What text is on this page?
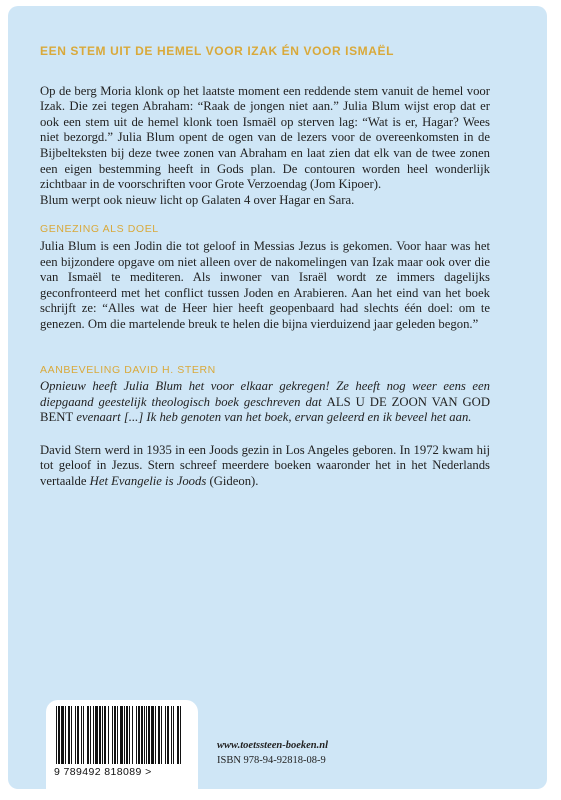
EEN STEM UIT DE HEMEL VOOR IZAK ÉN VOOR ISMAËL

Op de berg Moria klonk op het laatste moment een reddende stem vanuit de hemel voor Izak. Die zei tegen Abraham: “Raak de jongen niet aan.” Julia Blum wijst erop dat er ook een stem uit de hemel klonk toen Ismaël op sterven lag: “Wat is er, Hagar? Wees niet bezorgd.” Julia Blum opent de ogen van de lezers voor de overeenkomsten in de Bijbelteksten bij deze twee zonen van Abraham en laat zien dat elk van de twee zonen een eigen bestemming heeft in Gods plan. De contouren worden heel wonderlijk zichtbaar in de voorschriften voor Grote Verzoendag (Jom Kipoer).

Blum werpt ook nieuw licht op Galaten 4 over Hagar en Sara.

GENEZING ALS DOEL

Julia Blum is een Jodin die tot geloof in Messias Jezus is gekomen. Voor haar was het een bijzondere opgave om niet alleen over de nakomelingen van Izak maar ook over die van Ismaël te mediteren. Als inwoner van Israël wordt ze immers dagelijks geconfronteerd met het conflict tussen Joden en Arabieren. Aan het eind van het boek schrijft ze: “Alles wat de Heer hier heeft geopenbaard had slechts één doel: om te genezen. Om die martelende breuk te helen die bijna vierduizend jaar geleden begon.”

AANBEVELING DAVID H. STERN

Opnieuw heeft Julia Blum het voor elkaar gekregen! Ze heeft nog weer eens een diepgaand geestelijk theologisch boek geschreven dat ALS U DE ZOON VAN GOD BENT evenaart [...] Ik heb genoten van het boek, ervan geleerd en ik beveel het aan.

David Stern werd in 1935 in een Joods gezin in Los Angeles geboren. In 1972 kwam hij tot geloof in Jezus. Stern schreef meerdere boeken waaronder het in het Nederlands vertaalde Het Evangelie is Joods (Gideon).

9 789492 818089 >
www.toetssteen-boeken.nl
ISBN 978-94-92818-08-9
